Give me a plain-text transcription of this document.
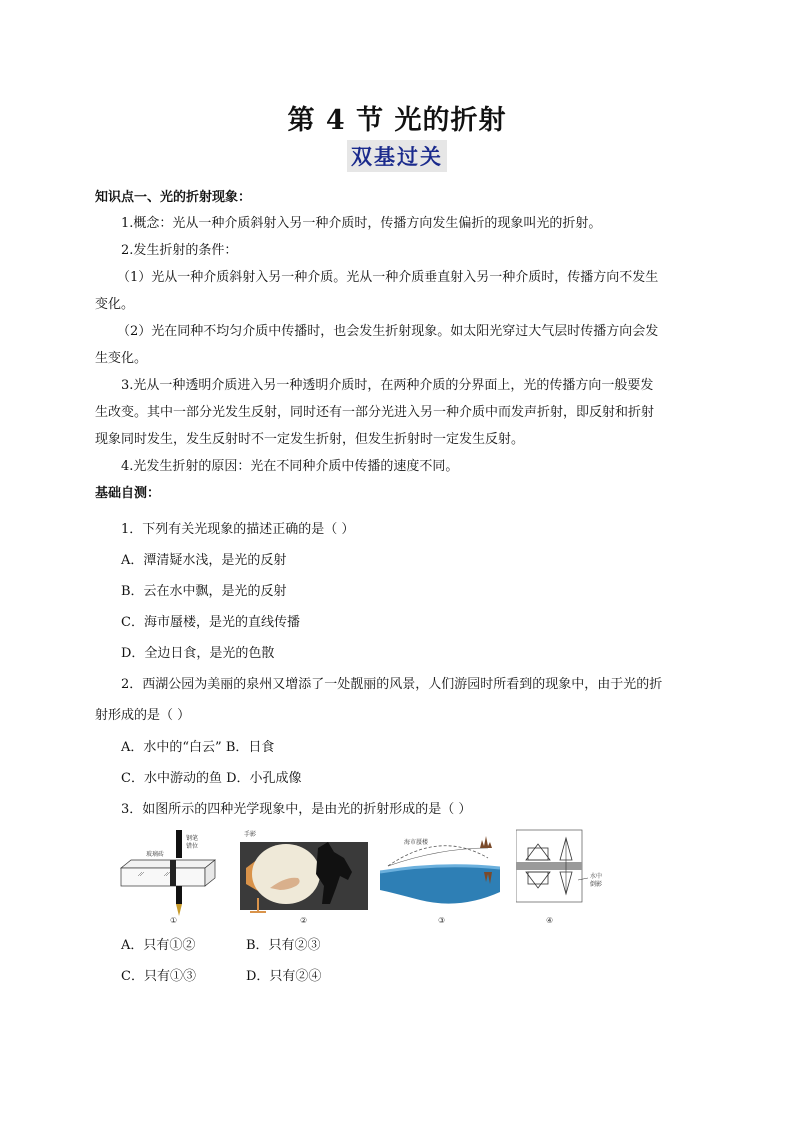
第 4 节 光的折射
双基过关
知识点一、光的折射现象：
1.概念：光从一种介质斜射入另一种介质时，传播方向发生偏折的现象叫光的折射。
2.发生折射的条件：
（1）光从一种介质斜射入另一种介质。光从一种介质垂直射入另一种介质时，传播方向不发生
变化。
（2）光在同种不均匀介质中传播时，也会发生折射现象。如太阳光穿过大气层时传播方向会发
生变化。
3.光从一种透明介质进入另一种透明介质时，在两种介质的分界面上，光的传播方向一般要发
生改变。其中一部分光发生反射，同时还有一部分光进入另一种介质中而发声折射，即反射和折射
现象同时发生，发生反射时不一定发生折射，但发生折射时一定发生反射。
4.光发生折射的原因：光在不同种介质中传播的速度不同。
基础自测：
1．下列有关光现象的描述正确的是（ ）
A．潭清疑水浅，是光的反射
B．云在水中飘，是光的反射
C．海市蜃楼，是光的直线传播
D．全边日食，是光的色散
2．西湖公园为美丽的泉州又增添了一处靓丽的风景，人们游园时所看到的现象中，由于光的折
射形成的是（ ）
A．水中的“白云” B．日食
C．水中游动的鱼 D．小孔成像
3．如图所示的四种光学现象中，是由光的折射形成的是（ ）
玻璃砖
钢笔
错位
①
手影
②
海市蜃楼
③
水中
倒影
④
A．只有①②	B．只有②③
C．只有①③	D．只有②④
